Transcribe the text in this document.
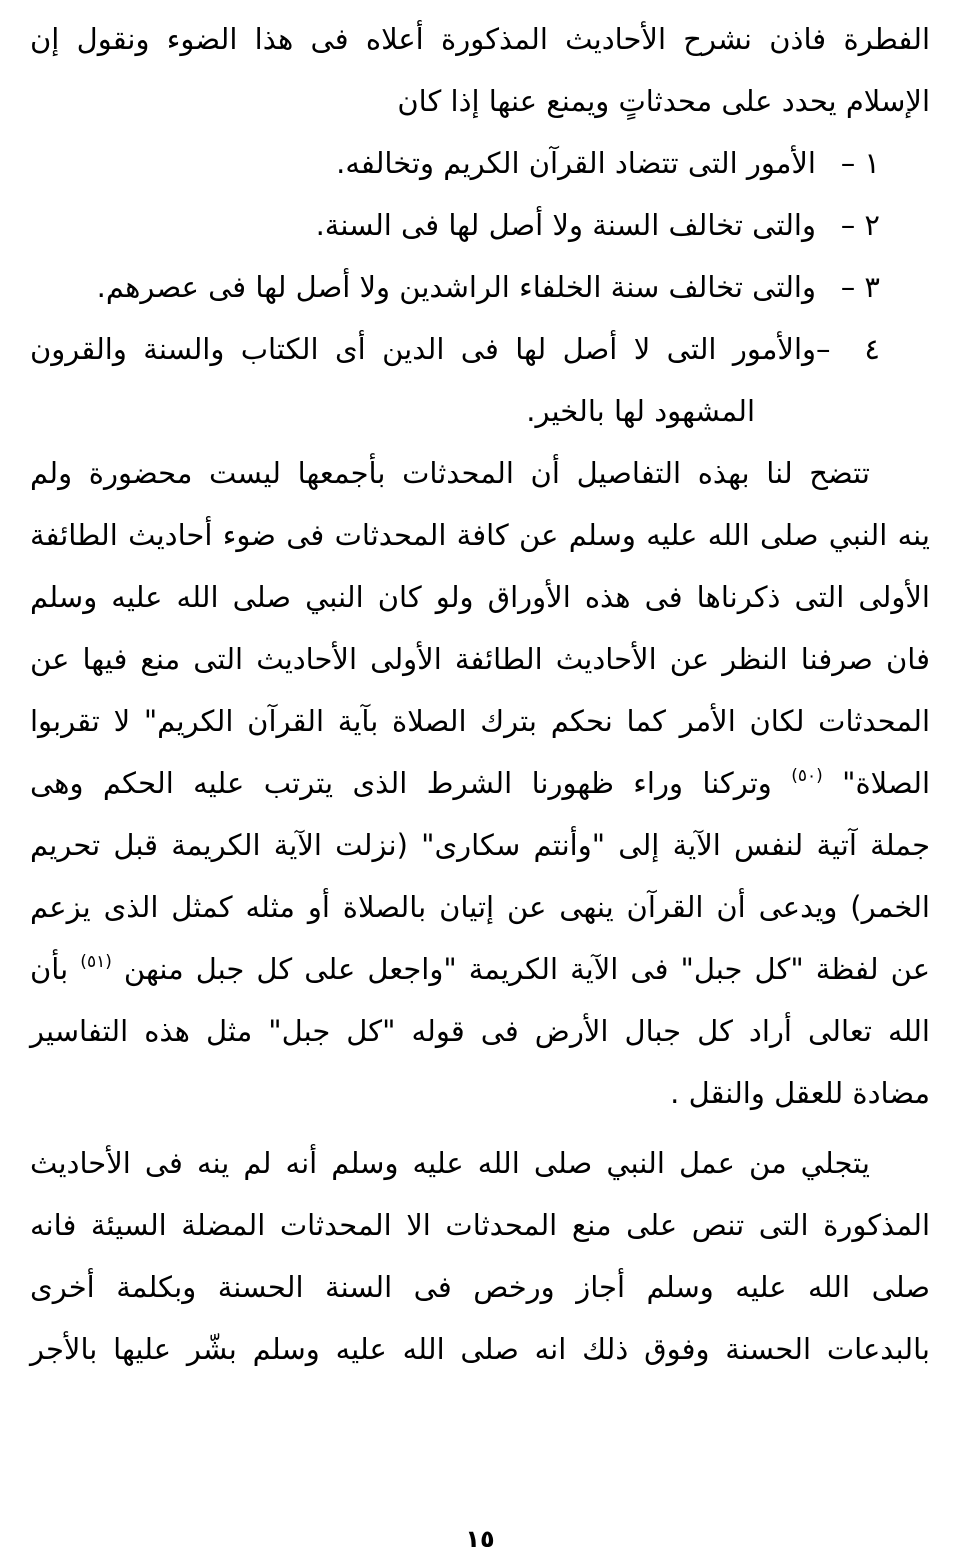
الفطرة فاذن نشرح الأحاديث المذكورة أعلاه فى هذا الضوء ونقول إن
الإسلام يحدد على محدثاتٍ ويمنع عنها إذا كان
١ –الأمور التى تتضاد القرآن الكريم وتخالفه.
٢ –والتى تخالف السنة ولا أصل لها فى السنة.
٣ –والتى تخالف سنة الخلفاء الراشدين ولا أصل لها فى عصرهم.
٤ –والأمور التى لا أصل لها فى الدين أى الكتاب والسنة والقرون
المشهود لها بالخير.
تتضح لنا بهذه التفاصيل أن المحدثات بأجمعها ليست محضورة ولم
ينه النبي صلى الله عليه وسلم عن كافة المحدثات فى ضوء أحاديث الطائفة
الأولى التى ذكرناها فى هذه الأوراق ولو كان النبي صلى الله عليه وسلم
فان صرفنا النظر عن الأحاديث الطائفة الأولى الأحاديث التى منع فيها عن
المحدثات لكان الأمر كما نحكم بترك الصلاة بآية القرآن الكريم" لا تقربوا
الصلاة" $^{(٥٠)}$ وتركنا وراء ظهورنا الشرط الذى يترتب عليه الحكم وهى
جملة آتية لنفس الآية إلى "وأنتم سكارى" (نزلت الآية الكريمة قبل تحريم
الخمر) ويدعى أن القرآن ينهى عن إتيان بالصلاة أو مثله كمثل الذى يزعم
عن لفظة "كل جبل" فى الآية الكريمة "واجعل على كل جبل منهن $^{(٥١)}$ بأن
الله تعالى أراد كل جبال الأرض فى قوله "كل جبل" مثل هذه التفاسير
مضادة للعقل والنقل .
يتجلي من عمل النبي صلى الله عليه وسلم أنه لم ينه فى الأحاديث
المذكورة التى تنص على منع المحدثات الا المحدثات المضلة السيئة فانه
صلى الله عليه وسلم أجاز ورخص فى السنة الحسنة وبكلمة أخرى
بالبدعات الحسنة وفوق ذلك انه صلى الله عليه وسلم بشّر عليها بالأجر
١٥
